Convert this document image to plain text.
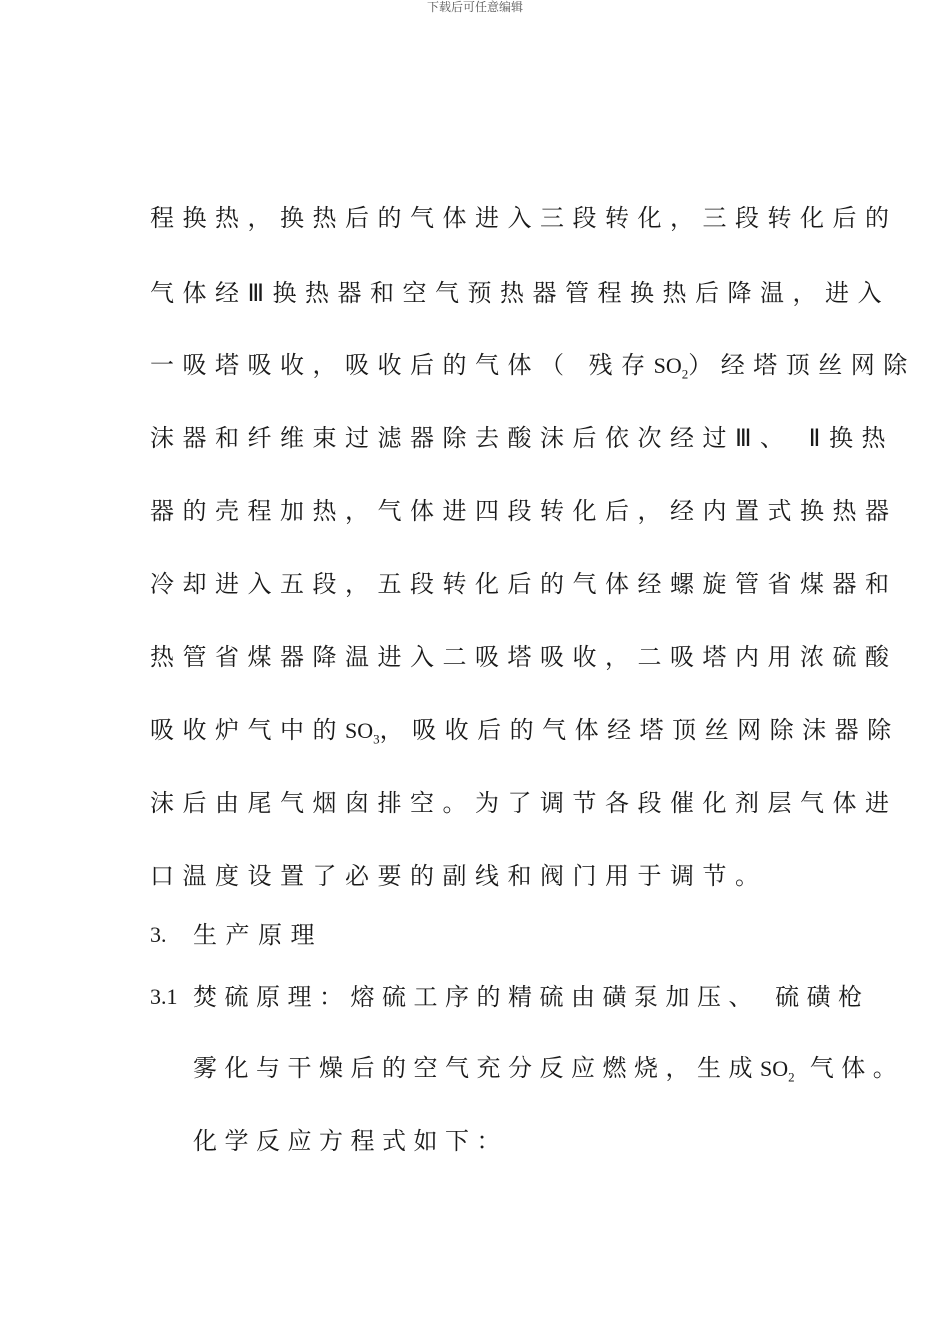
下载后可任意编辑
程换热，换热后的气体进入三段转化，三段转化后的
气体经Ⅲ换热器和空气预热器管程换热后降温，进入
一吸塔吸收，吸收后的气体（ 残存$SO_2$）经塔顶丝网除
沫器和纤维束过滤器除去酸沫后依次经过Ⅲ、 Ⅱ换热
器的壳程加热，气体进四段转化后，经内置式换热器
冷却进入五段，五段转化后的气体经螺旋管省煤器和
热管省煤器降温进入二吸塔吸收，二吸塔内用浓硫酸
吸收炉气中的$SO_3$，吸收后的气体经塔顶丝网除沫器除
沫后由尾气烟囱排空。为了调节各段催化剂层气体进
口温度设置了必要的副线和阀门用于调节。
3. 生产原理
3.1 焚硫原理：熔硫工序的精硫由磺泵加压、 硫磺枪
雾化与干燥后的空气充分反应燃烧，生成$SO_2$ 气体。
化学反应方程式如下：
